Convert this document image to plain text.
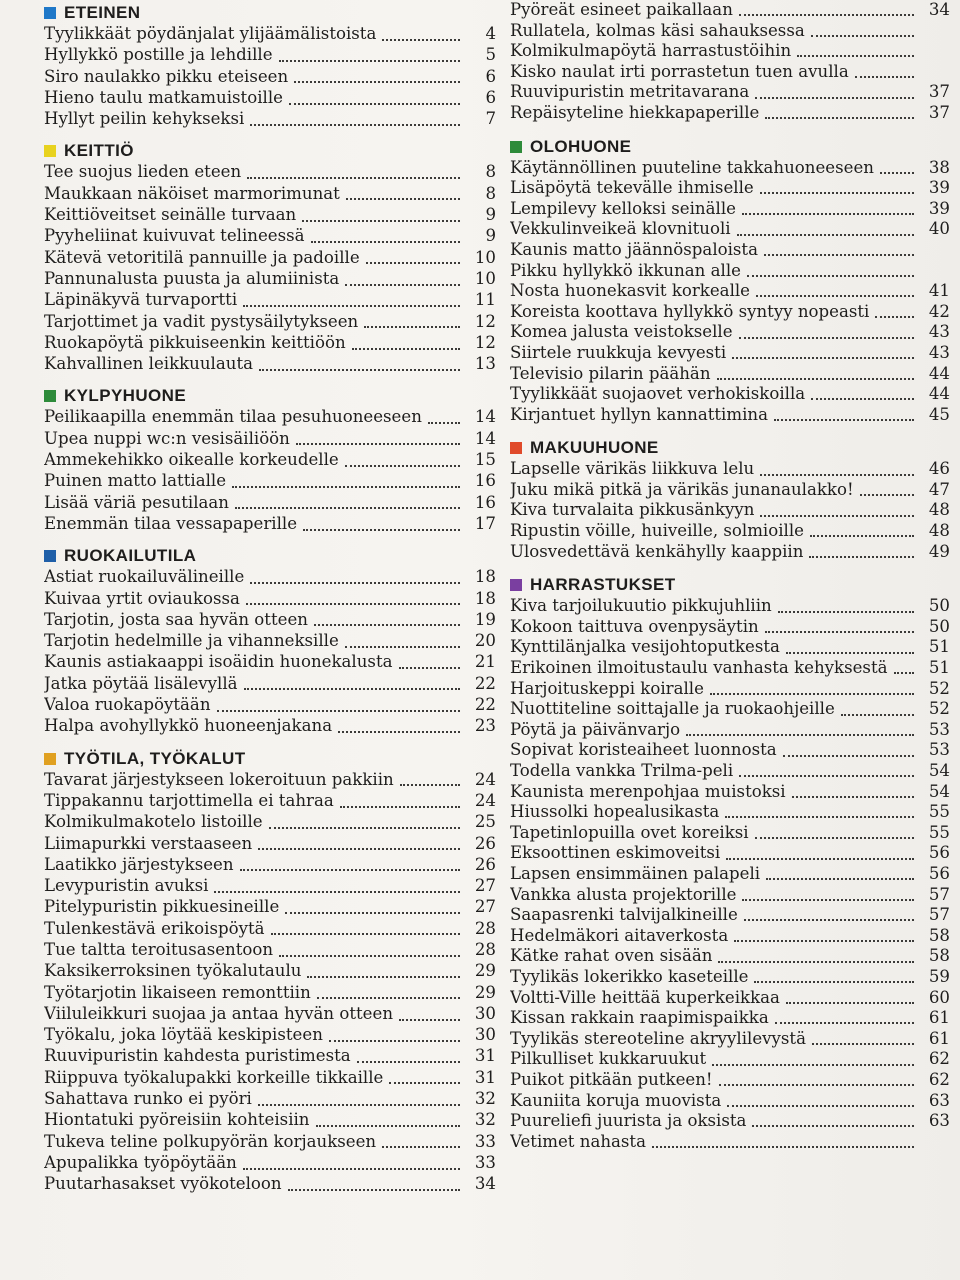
ETEINEN
Tyylikkäät pöydänjalat ylijäämälistoista	4
Hyllykkö postille ja lehdille	5
Siro naulakko pikku eteiseen	6
Hieno taulu matkamuistoille	6
Hyllyt peilin kehykseksi	7
KEITTIÖ
Tee suojus lieden eteen	8
Maukkaan näköiset marmorimunat	8
Keittiöveitset seinälle turvaan	9
Pyyheliinat kuivuvat telineessä	9
Kätevä vetoritilä pannuille ja padoille	10
Pannunalusta puusta ja alumiinista	10
Läpinäkyvä turvaportti	11
Tarjottimet ja vadit pystysäilytykseen	12
Ruokapöytä pikkuiseenkin keittiöön	12
Kahvallinen leikkuulauta	13
KYLPYHUONE
Peilikaapilla enemmän tilaa pesuhuoneeseen	14
Upea nuppi wc:n vesisäiliöön	14
Ammekehikko oikealle korkeudelle	15
Puinen matto lattialle	16
Lisää väriä pesutilaan	16
Enemmän tilaa vessapaperille	17
RUOKAILUTILA
Astiat ruokailuvälineille	18
Kuivaa yrtit oviaukossa	18
Tarjotin, josta saa hyvän otteen	19
Tarjotin hedelmille ja vihanneksille	20
Kaunis astiakaappi isoäidin huonekalusta	21
Jatka pöytää lisälevyllä	22
Valoa ruokapöytään	22
Halpa avohyllykkö huoneenjakana	23
TYÖTILA, TYÖKALUT
Tavarat järjestykseen lokeroituun pakkiin	24
Tippakannu tarjottimella ei tahraa	24
Kolmikulmakotelo listoille	25
Liimapurkki verstaaseen	26
Laatikko järjestykseen	26
Levypuristin avuksi	27
Pitelypuristin pikkuesineille	27
Tulenkestävä erikoispöytä	28
Tue taltta teroitusasentoon	28
Kaksikerroksinen työkalutaulu	29
Työtarjotin likaiseen remonttiin	29
Viiluleikkuri suojaa ja antaa hyvän otteen	30
Työkalu, joka löytää keskipisteen	30
Ruuvipuristin kahdesta puristimesta	31
Riippuva työkalupakki korkeille tikkaille	31
Sahattava runko ei pyöri	32
Hiontatuki pyöreisiin kohteisiin	32
Tukeva teline polkupyörän korjaukseen	33
Apupalikka työpöytään	33
Puutarhasakset vyökoteloon	34
Pyöreät esineet paikallaan	34
Rullatela, kolmas käsi sahauksessa
Kolmikulmapöytä harrastustöihin
Kisko naulat irti porrastetun tuen avulla
Ruuvipuristin metritavarana	37
Repäisyteline hiekkapaperille	37
OLOHUONE
Käytännöllinen puuteline takkahuoneeseen	38
Lisäpöytä tekevälle ihmiselle	39
Lempilevy kelloksi seinälle	39
Vekkulinveikeä klovnituoli	40
Kaunis matto jäännöspaloista
Pikku hyllykkö ikkunan alle
Nosta huonekasvit korkealle	41
Koreista koottava hyllykkö syntyy nopeasti	42
Komea jalusta veistokselle	43
Siirtele ruukkuja kevyesti	43
Televisio pilarin päähän	44
Tyylikkäät suojaovet verhokiskoilla	44
Kirjantuet hyllyn kannattimina	45
MAKUUHUONE
Lapselle värikäs liikkuva lelu	46
Juku mikä pitkä ja värikäs junanaulakko!	47
Kiva turvalaita pikkusänkyyn	48
Ripustin vöille, huiveille, solmioille	48
Ulosvedettävä kenkähylly kaappiin	49
HARRASTUKSET
Kiva tarjoilukuutio pikkujuhliin	50
Kokoon taittuva ovenpysäytin	50
Kynttilänjalka vesijohtoputkesta	51
Erikoinen ilmoitustaulu vanhasta kehyksestä	51
Harjoituskeppi koiralle	52
Nuottiteline soittajalle ja ruokaohjeille	52
Pöytä ja päivänvarjo	53
Sopivat koristeaiheet luonnosta	53
Todella vankka Trilma-peli	54
Kaunista merenpohjaa muistoksi	54
Hiussolki hopealusikasta	55
Tapetinlopuilla ovet koreiksi	55
Eksoottinen eskimoveitsi	56
Lapsen ensimmäinen palapeli	56
Vankka alusta projektorille	57
Saapasrenki talvijalkineille	57
Hedelmäkori aitaverkosta	58
Kätke rahat oven sisään	58
Tyylikäs lokerikko kaseteille	59
Voltti-Ville heittää kuperkeikkaa	60
Kissan rakkain raapimispaikka	61
Tyylikäs stereoteline akryylilevystä	61
Pilkulliset kukkaruukut	62
Puikot pitkään putkeen!	62
Kauniita koruja muovista	63
Puureliefi juurista ja oksista	63
Vetimet nahasta
